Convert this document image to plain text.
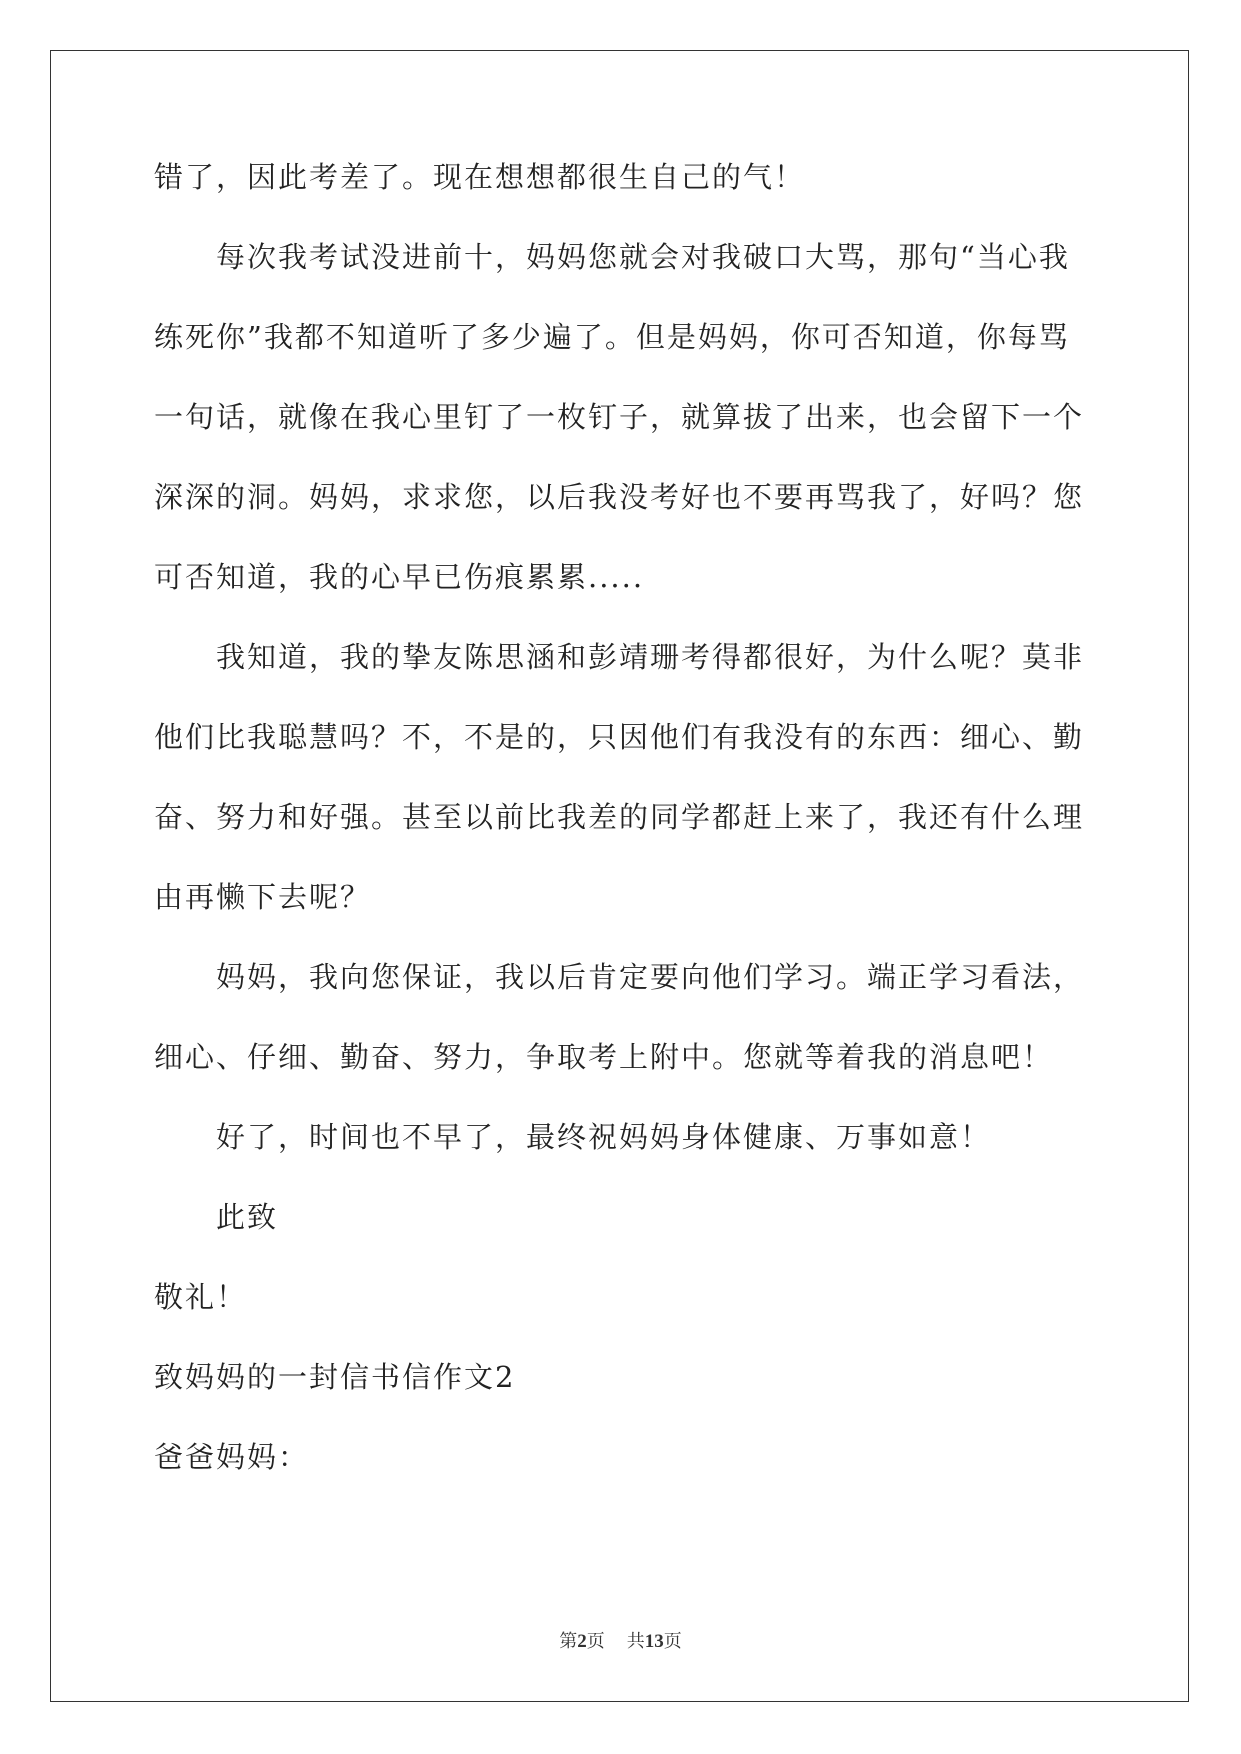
错了，因此考差了。现在想想都很生自己的气！
每次我考试没进前十，妈妈您就会对我破口大骂，那句“当心我
练死你”我都不知道听了多少遍了。但是妈妈，你可否知道，你每骂
一句话，就像在我心里钉了一枚钉子，就算拔了出来，也会留下一个
深深的洞。妈妈，求求您，以后我没考好也不要再骂我了，好吗？您
可否知道，我的心早已伤痕累累.....
我知道，我的挚友陈思涵和彭靖珊考得都很好，为什么呢？莫非
他们比我聪慧吗？不，不是的，只因他们有我没有的东西：细心、勤
奋、努力和好强。甚至以前比我差的同学都赶上来了，我还有什么理
由再懒下去呢？
妈妈，我向您保证，我以后肯定要向他们学习。端正学习看法，
细心、仔细、勤奋、努力，争取考上附中。您就等着我的消息吧！
好了，时间也不早了，最终祝妈妈身体健康、万事如意！
此致
敬礼！
致妈妈的一封信书信作文2
爸爸妈妈：
第2页 共13页
